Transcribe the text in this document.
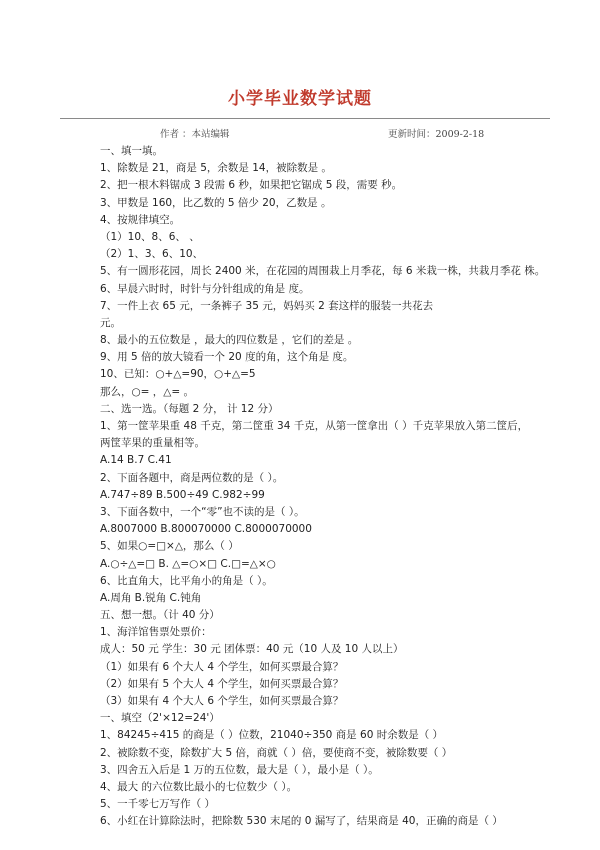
小学毕业数学试题
作者 ：本站编辑	更新时间：2009-2-18
一、填一填。
1、除数是 21，商是 5，余数是 14，被除数是 。
2、把一根木料锯成 3 段需 6 秒，如果把它锯成 5 段，需要 秒。
3、甲数是 160，比乙数的 5 倍少 20，乙数是 。
4、按规律填空。
（1）10、8、6、 、
（2）1、3、6、10、
5、有一圆形花园，周长 2400 米，在花园的周围栽上月季花，每 6 米栽一株，共栽月季花 株。
6、早晨六时时，时针与分针组成的角是 度。
7、一件上衣 65 元，一条裤子 35 元，妈妈买 2 套这样的服装一共花去
元。
8、最小的五位数是 ，最大的四位数是 ，它们的差是 。
9、用 5 倍的放大镜看一个 20 度的角，这个角是 度。
10、已知：○+△=90，○+△=5
那么，○= ，△= 。
二、选一选。（每题 2 分， 计 12 分）
1、第一筐苹果重 48 千克，第二筐重 34 千克，从第一筐拿出（ ）千克苹果放入第二筐后，
两筐苹果的重量相等。
A.14 B.7 C.41
2、下面各题中，商是两位数的是（ ）。
A.747÷89 B.500÷49 C.982÷99
3、下面各数中，一个“零”也不读的是（ ）。
A.8007000 B.800070000 C.8000070000
5、如果○=□×△，那么（ ）
A.○÷△=□ B. △=○×□ C.□=△×○
6、比直角大，比平角小的角是（ ）。
A.周角 B.锐角 C.钝角
五、想一想。（计 40 分）
1、海洋馆售票处票价：
成人：50 元 学生：30 元 团体票：40 元（10 人及 10 人以上）
（1）如果有 6 个大人 4 个学生，如何买票最合算？
（2）如果有 5 个大人 4 个学生，如何买票最合算？
（3）如果有 4 个大人 6 个学生，如何买票最合算？
一、填空（2'×12=24'）
1、84245÷415 的商是（ ）位数，21040÷350 商是 60 时余数是（ ）
2、被除数不变，除数扩大 5 倍，商就（ ）倍，要使商不变，被除数要（ ）
3、四舍五入后是 1 万的五位数，最大是（ ），最小是（ ）。
4、最大 的六位数比最小的七位数少（ ）。
5、一千零七万写作（ ）
6、小红在计算除法时，把除数 530 末尾的 0 漏写了，结果商是 40，正确的商是（ ）
